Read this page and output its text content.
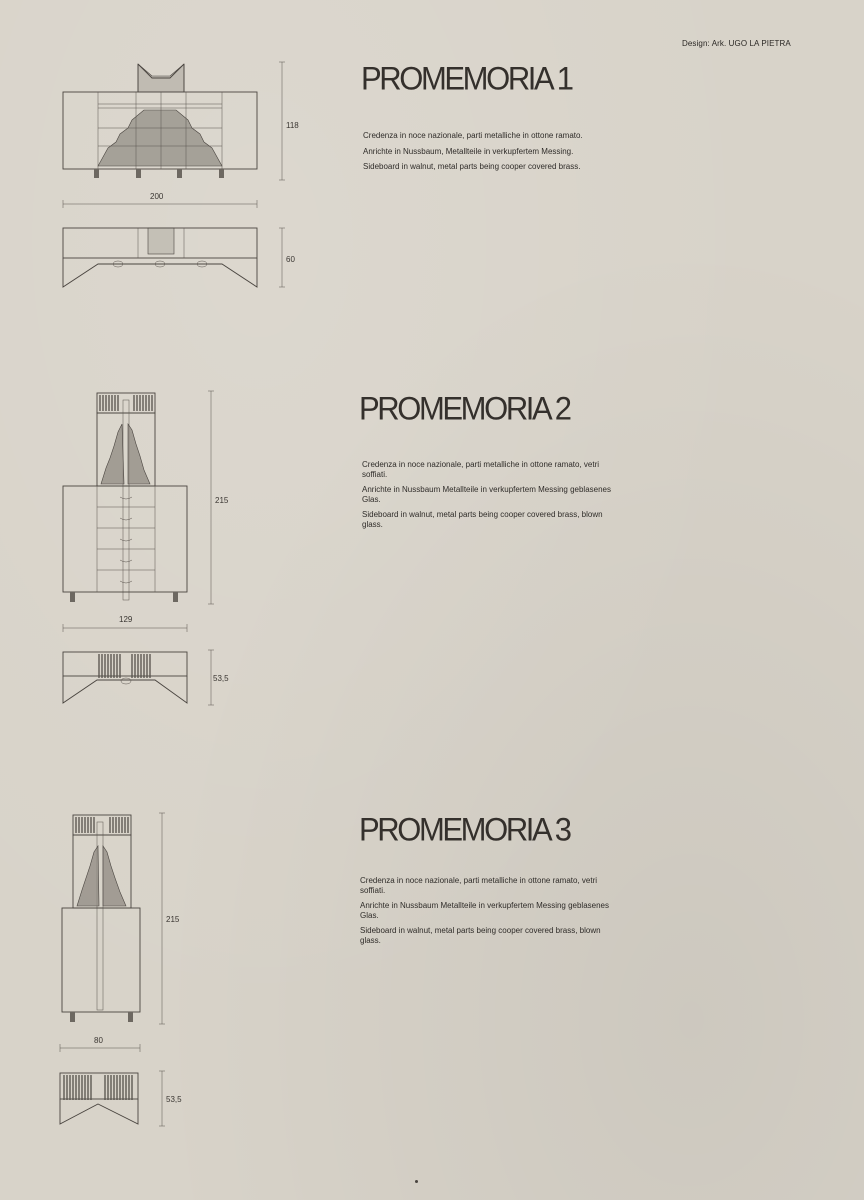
Design: Ark. UGO LA PIETRA
118
200
60
215
129
53,5
215
80
53,5
PROMEMORIA 1

Credenza in noce nazionale, parti metalliche in ottone ramato.

Anrichte in Nussbaum, Metallteile in verkupfertem Messing.

Sideboard in walnut, metal parts being cooper covered brass.

PROMEMORIA 2

Credenza in noce nazionale, parti metalliche in ottone ramato, vetri soffiati.

Anrichte in Nussbaum Metallteile in verkupfertem Messing geblasenes Glas.

Sideboard in walnut, metal parts being cooper covered brass, blown glass.

PROMEMORIA 3

Credenza in noce nazionale, parti metalliche in ottone ramato, vetri soffiati.

Anrichte in Nussbaum Metallteile in verkupfertem Messing geblasenes Glas.

Sideboard in walnut, metal parts being cooper covered brass, blown glass.
